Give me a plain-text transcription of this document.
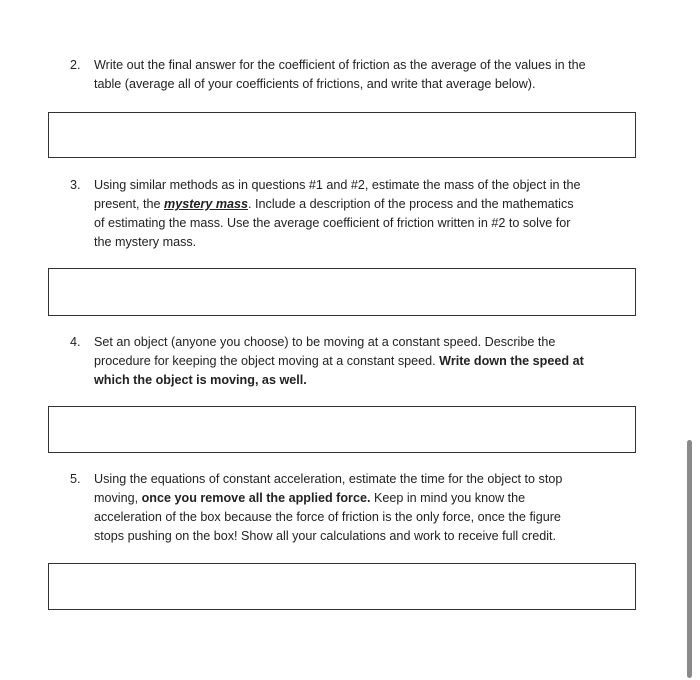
2. Write out the final answer for the coefficient of friction as the average of the values in the
table (average all of your coefficients of frictions, and write that average below).
3. Using similar methods as in questions #1 and #2, estimate the mass of the object in the
present, the mystery mass. Include a description of the process and the mathematics
of estimating the mass. Use the average coefficient of friction written in #2 to solve for
the mystery mass.
4. Set an object (anyone you choose) to be moving at a constant speed. Describe the
procedure for keeping the object moving at a constant speed. Write down the speed at
which the object is moving, as well.
5. Using the equations of constant acceleration, estimate the time for the object to stop
moving, once you remove all the applied force. Keep in mind you know the
acceleration of the box because the force of friction is the only force, once the figure
stops pushing on the box! Show all your calculations and work to receive full credit.
